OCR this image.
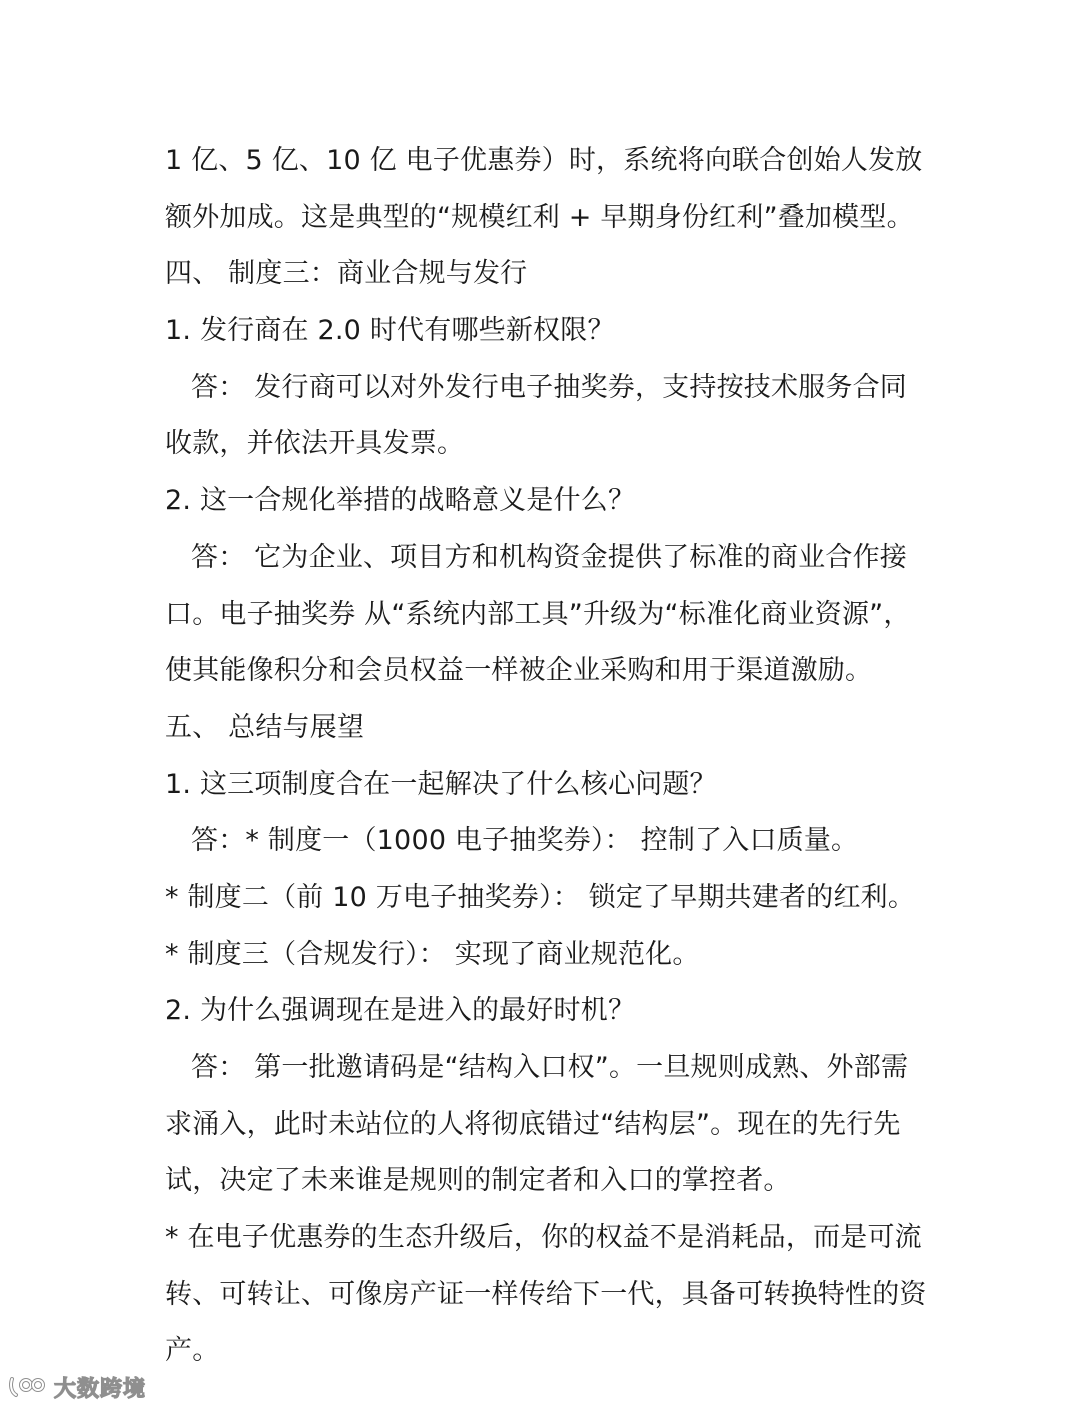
1 亿、5 亿、10 亿 电子优惠券）时，系统将向联合创始人发放
额外加成。这是典型的“规模红利 + 早期身份红利”叠加模型。
四、 制度三：商业合规与发行
1. 发行商在 2.0 时代有哪些新权限？
答： 发行商可以对外发行电子抽奖券，支持按技术服务合同
收款，并依法开具发票。
2. 这一合规化举措的战略意义是什么？
答： 它为企业、项目方和机构资金提供了标准的商业合作接
口。电子抽奖券 从“系统内部工具”升级为“标准化商业资源”，
使其能像积分和会员权益一样被企业采购和用于渠道激励。
五、 总结与展望
1. 这三项制度合在一起解决了什么核心问题？
答：* 制度一（1000 电子抽奖券）： 控制了入口质量。
* 制度二（前 10 万电子抽奖券）： 锁定了早期共建者的红利。
* 制度三（合规发行）： 实现了商业规范化。
2. 为什么强调现在是进入的最好时机？
答： 第一批邀请码是“结构入口权”。一旦规则成熟、外部需
求涌入，此时未站位的人将彻底错过“结构层”。现在的先行先
试，决定了未来谁是规则的制定者和入口的掌控者。
* 在电子优惠券的生态升级后，你的权益不是消耗品，而是可流
转、可转让、可像房产证一样传给下一代，具备可转换特性的资
产。
大数跨境
